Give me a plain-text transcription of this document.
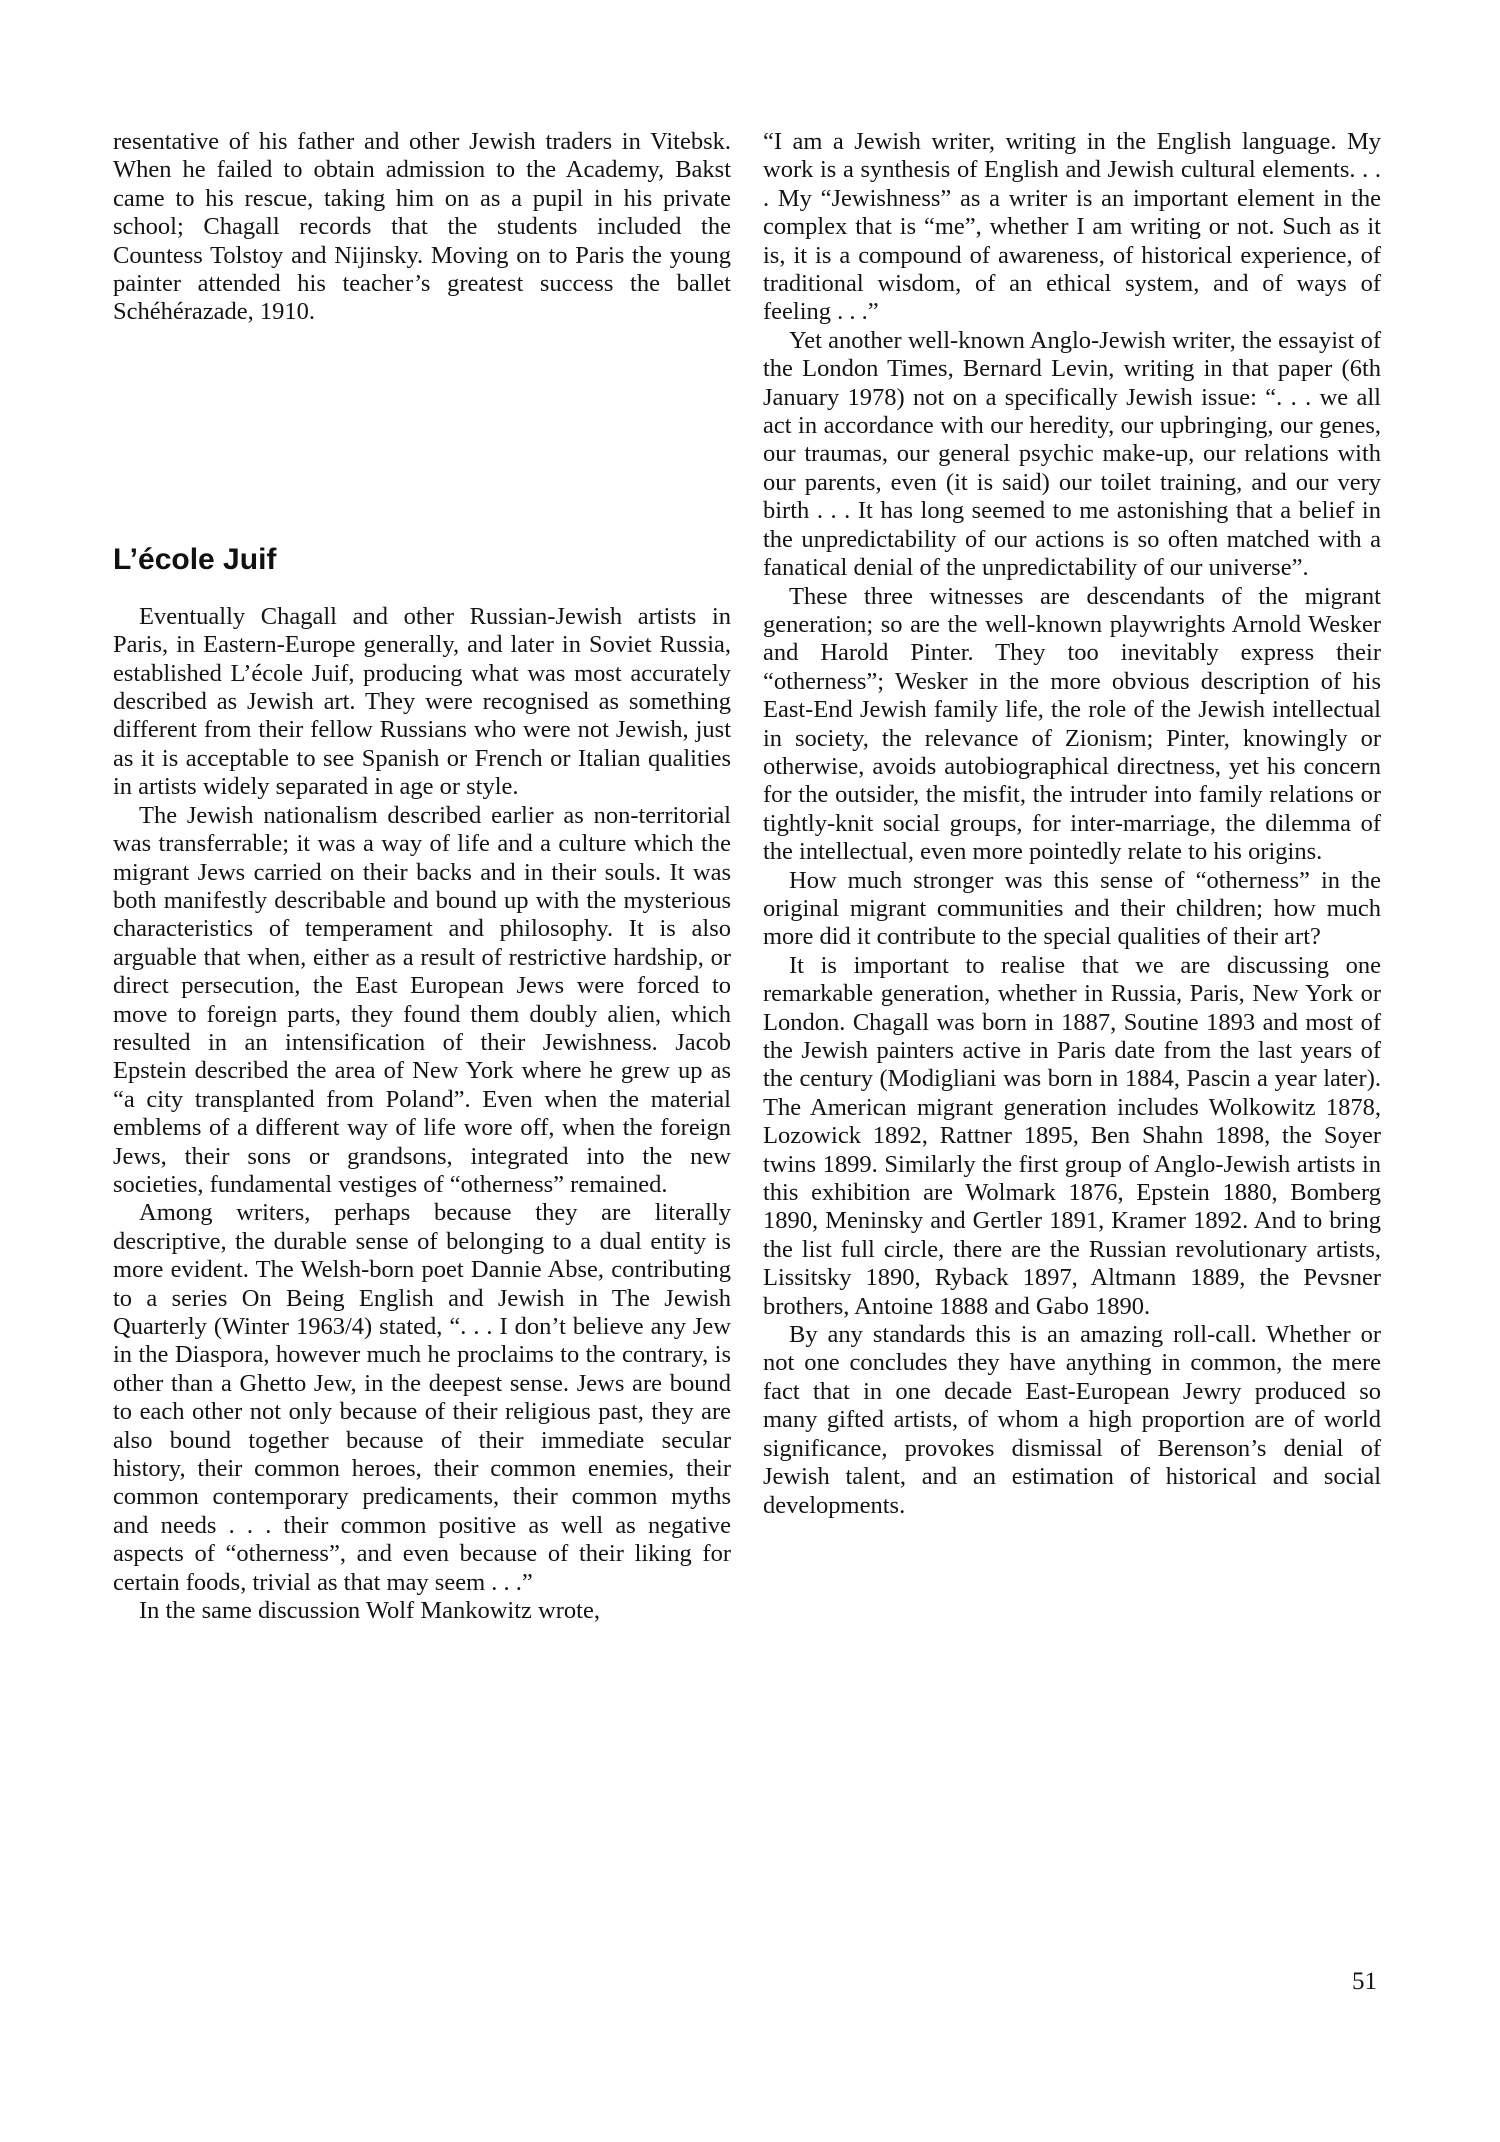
resentative of his father and other Jewish traders in Vitebsk. When he failed to obtain admission to the Academy, Bakst came to his rescue, taking him on as a pupil in his private school; Chagall records that the students included the Countess Tolstoy and Nijinsky. Moving on to Paris the young painter attended his teacher’s greatest success the ballet Schéhérazade, 1910.

L’école Juif

Eventually Chagall and other Russian-Jewish artists in Paris, in Eastern-Europe generally, and later in Soviet Russia, established L’école Juif, producing what was most accurately described as Jewish art. They were recognised as something different from their fellow Russians who were not Jewish, just as it is acceptable to see Spanish or French or Italian qualities in artists widely separated in age or style.

The Jewish nationalism described earlier as non-territorial was transferrable; it was a way of life and a culture which the migrant Jews carried on their backs and in their souls. It was both manifestly describable and bound up with the mysterious characteristics of temperament and philosophy. It is also arguable that when, either as a result of restrictive hardship, or direct persecution, the East European Jews were forced to move to foreign parts, they found them doubly alien, which resulted in an intensification of their Jewishness. Jacob Epstein described the area of New York where he grew up as “a city transplanted from Poland”. Even when the material emblems of a different way of life wore off, when the foreign Jews, their sons or grandsons, integrated into the new societies, fundamental vestiges of “otherness” remained.

Among writers, perhaps because they are literally descriptive, the durable sense of belonging to a dual entity is more evident. The Welsh-born poet Dannie Abse, contributing to a series On Being English and Jewish in The Jewish Quarterly (Winter 1963/4) stated, “. . . I don’t believe any Jew in the Diaspora, however much he proclaims to the contrary, is other than a Ghetto Jew, in the deepest sense. Jews are bound to each other not only because of their religious past, they are also bound together because of their immediate secular history, their common heroes, their common enemies, their common contemporary predicaments, their common myths and needs . . . their common positive as well as negative aspects of “otherness”, and even because of their liking for certain foods, trivial as that may seem . . .”

In the same discussion Wolf Mankowitz wrote,

“I am a Jewish writer, writing in the English language. My work is a synthesis of English and Jewish cultural elements. . . . My “Jewishness” as a writer is an important element in the complex that is “me”, whether I am writing or not. Such as it is, it is a compound of awareness, of historical experience, of traditional wisdom, of an ethical system, and of ways of feeling . . .”

Yet another well-known Anglo-Jewish writer, the essayist of the London Times, Bernard Levin, writing in that paper (6th January 1978) not on a specifically Jewish issue: “. . . we all act in accordance with our heredity, our upbringing, our genes, our traumas, our general psychic make-up, our relations with our parents, even (it is said) our toilet training, and our very birth . . . It has long seemed to me astonishing that a belief in the unpredictability of our actions is so often matched with a fanatical denial of the unpredictability of our universe”.

These three witnesses are descendants of the migrant generation; so are the well-known playwrights Arnold Wesker and Harold Pinter. They too inevitably express their “otherness”; Wesker in the more obvious description of his East-End Jewish family life, the role of the Jewish intellectual in society, the relevance of Zionism; Pinter, knowingly or otherwise, avoids autobiographical directness, yet his concern for the outsider, the misfit, the intruder into family relations or tightly-knit social groups, for inter-marriage, the dilemma of the intellectual, even more pointedly relate to his origins.

How much stronger was this sense of “otherness” in the original migrant communities and their children; how much more did it contribute to the special qualities of their art?

It is important to realise that we are discussing one remarkable generation, whether in Russia, Paris, New York or London. Chagall was born in 1887, Soutine 1893 and most of the Jewish painters active in Paris date from the last years of the century (Modigliani was born in 1884, Pascin a year later). The American migrant generation includes Wolkowitz 1878, Lozowick 1892, Rattner 1895, Ben Shahn 1898, the Soyer twins 1899. Similarly the first group of Anglo-Jewish artists in this exhibition are Wolmark 1876, Epstein 1880, Bomberg 1890, Meninsky and Gertler 1891, Kramer 1892. And to bring the list full circle, there are the Russian revolutionary artists, Lissitsky 1890, Ryback 1897, Altmann 1889, the Pevsner brothers, Antoine 1888 and Gabo 1890.

By any standards this is an amazing roll-call. Whether or not one concludes they have anything in common, the mere fact that in one decade East-European Jewry produced so many gifted artists, of whom a high proportion are of world significance, provokes dismissal of Berenson’s denial of Jewish talent, and an estimation of historical and social developments.

51
